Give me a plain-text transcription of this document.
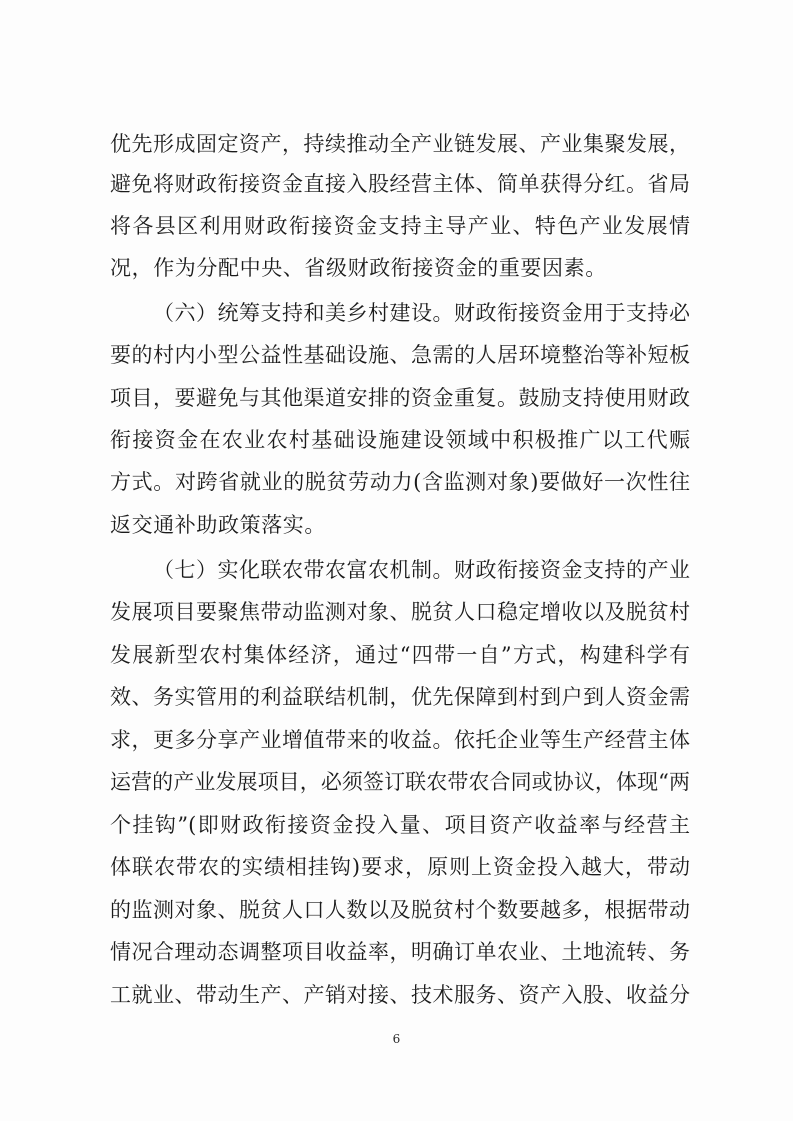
优先形成固定资产，持续推动全产业链发展、产业集聚发展，
避免将财政衔接资金直接入股经营主体、简单获得分红。省局
将各县区利用财政衔接资金支持主导产业、特色产业发展情
况，作为分配中央、省级财政衔接资金的重要因素。
（六）统筹支持和美乡村建设。财政衔接资金用于支持必
要的村内小型公益性基础设施、急需的人居环境整治等补短板
项目，要避免与其他渠道安排的资金重复。鼓励支持使用财政
衔接资金在农业农村基础设施建设领域中积极推广以工代赈
方式。对跨省就业的脱贫劳动力(含监测对象)要做好一次性往
返交通补助政策落实。
（七）实化联农带农富农机制。财政衔接资金支持的产业
发展项目要聚焦带动监测对象、脱贫人口稳定增收以及脱贫村
发展新型农村集体经济，通过“四带一自”方式，构建科学有
效、务实管用的利益联结机制，优先保障到村到户到人资金需
求，更多分享产业增值带来的收益。依托企业等生产经营主体
运营的产业发展项目，必须签订联农带农合同或协议，体现“两
个挂钩”(即财政衔接资金投入量、项目资产收益率与经营主
体联农带农的实绩相挂钩)要求，原则上资金投入越大，带动
的监测对象、脱贫人口人数以及脱贫村个数要越多，根据带动
情况合理动态调整项目收益率，明确订单农业、土地流转、务
工就业、带动生产、产销对接、技术服务、资产入股、收益分
6
